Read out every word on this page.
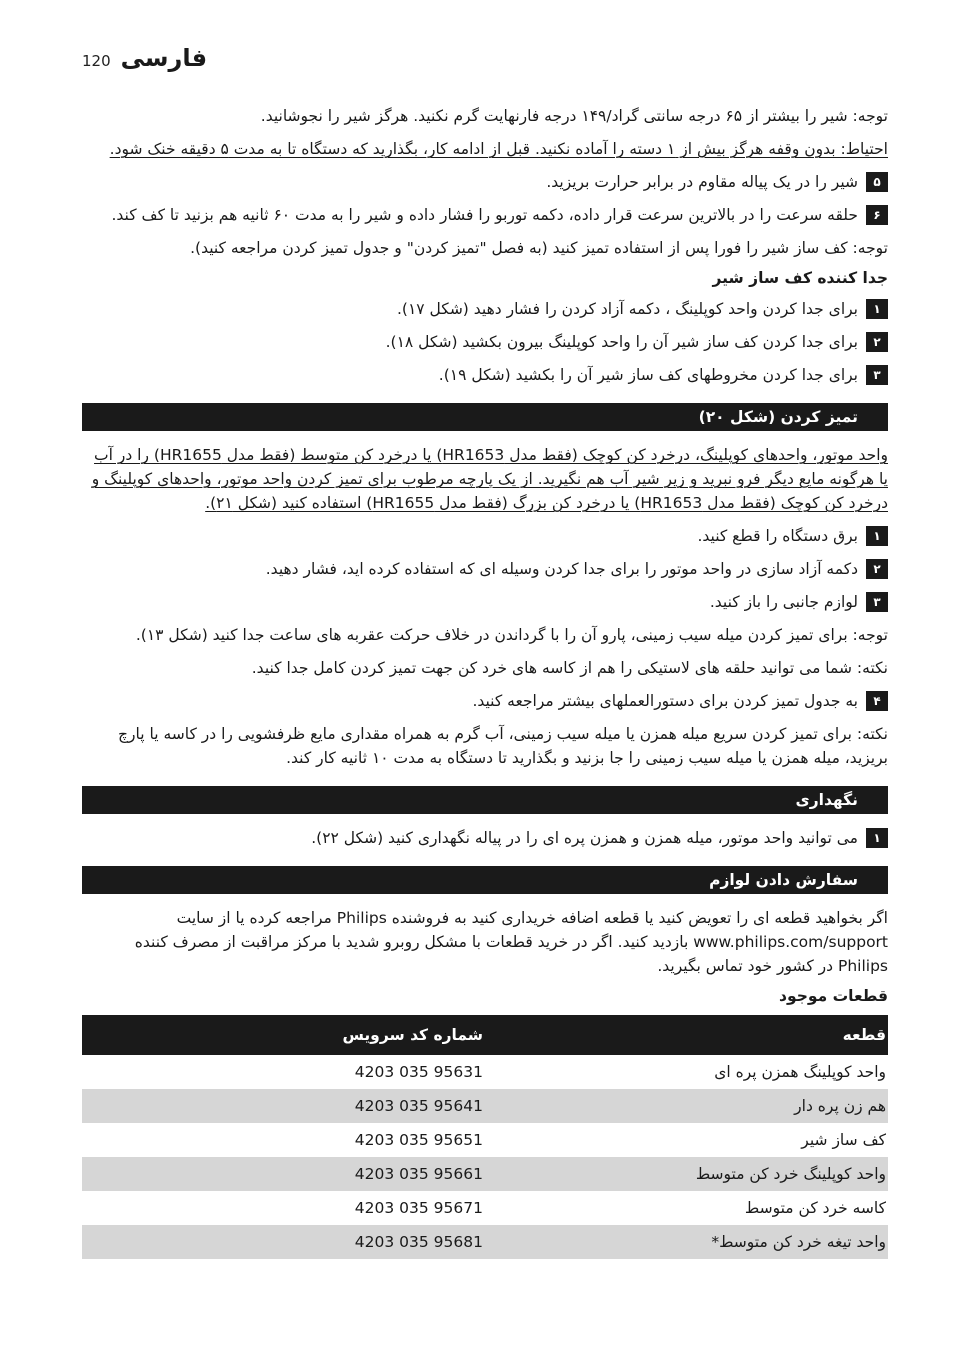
120 فارسی

توجه: شیر را بیشتر از ۶۵ درجه سانتی گراد/۱۴۹ درجه فارنهایت گرم نکنید. هرگز شیر را نجوشانید.

احتیاط: بدون وقفه هرگز بیش از ۱ دسته را آماده نکنید. قبل از ادامه کار، بگذارید که دستگاه تا به مدت ۵ دقیقه خنک شود.

۵
شیر را در یک پیاله مقاوم در برابر حرارت بریزید.
۶
حلقه سرعت را در بالاترین سرعت قرار داده، دکمه توربو را فشار داده و شیر را به مدت ۶۰ ثانیه هم بزنید تا کف کند.

توجه: کف ساز شیر را فورا پس از استفاده تمیز کنید (به فصل "تمیز کردن" و جدول تمیز کردن مراجعه کنید).

جدا کننده کف ساز شیر
۱
برای جدا کردن واحد کوپلینگ ، دکمه آزاد کردن را فشار دهید (شکل ۱۷).
۲
برای جدا کردن کف ساز شیر آن را واحد کوپلینگ بیرون بکشید (شکل ۱۸).
۳
برای جدا کردن مخروطهای کف ساز شیر آن را بکشید (شکل ۱۹).
تمیز کردن (شکل ۲۰)

واحد موتور، واحدهای کوپلینگ، درخرد کن کوچک (فقط مدل HR1653) یا درخرد کن متوسط (فقط مدل HR1655) را در آب یا هرگونه مایع دیگر فرو نبرید و زیر شیر آب هم نگیرید. از یک پارچه مرطوب برای تمیز کردن واحد موتور، واحدهای کوپلینگ و درخرد کن کوچک (فقط مدل HR1653) یا درخرد کن بزرگ (فقط مدل HR1655) استفاده کنید (شکل ۲۱).

۱
برق دستگاه را قطع کنید.
۲
دکمه آزاد سازی در واحد موتور را برای جدا کردن وسیله ای که استفاده کرده اید، فشار دهید.
۳
لوازم جانبی را باز کنید.

توجه: برای تمیز کردن میله سیب زمینی، پارو آن را با گرداندن در خلاف حرکت عقربه های ساعت جدا کنید (شکل ۱۳).

نکته: شما می توانید حلقه های لاستیکی را هم از کاسه های خرد کن جهت تمیز کردن کامل جدا کنید.

۴
به جدول تمیز کردن برای دستورالعملهای بیشتر مراجعه کنید.

نکته: برای تمیز کردن سریع میله همزن یا میله سیب زمینی، آب گرم به همراه مقداری مایع ظرفشویی را در کاسه یا پارچ بریزید، میله همزن یا میله سیب زمینی را جا بزنید و بگذارید تا دستگاه به مدت ۱۰ ثانیه کار کند.

نگهداری
۱
می توانید واحد موتور، میله همزن و همزن پره ای را در پیاله نگهداری کنید (شکل ۲۲).
سفارش دادن لوازم

اگر بخواهید قطعه ای را تعویض کنید یا قطعه اضافه خریداری کنید به فروشنده Philips مراجعه کرده یا از سایت www.philips.com/support بازدید کنید. اگر در خرید قطعات با مشکل روبرو شدید با مرکز مراقبت از مصرف کننده Philips در کشور خود تماس بگیرید.

قطعات موجود
قطعه	شماره کد سرویس
واحد کوپلینگ همزن پره ای	4203 035 95631
هم زن پره دار	4203 035 95641
کف ساز شیر	4203 035 95651
واحد کوپلینگ خرد کن متوسط	4203 035 95661
کاسه خرد کن متوسط	4203 035 95671
واحد تیغه خرد کن متوسط*	4203 035 95681
